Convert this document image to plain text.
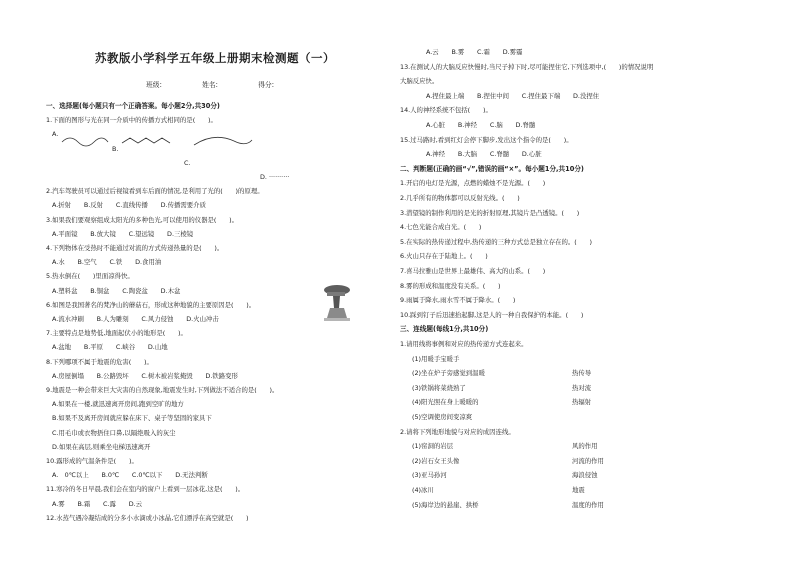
苏教版小学科学五年级上册期末检测题（一）
班级:	姓名:	得分:
一、选择题(每小题只有一个正确答案。每小题2分,共30分)
1.下面的图形与光在同一介质中的传播方式相同的是(　　)。
A.
B.
C.
D. ··········
2.汽车驾驶员可以通过后视镜看到车后面的情况,是利用了光的(　　)的原理。
A.折射　　B.反射　　C.直线传播　　D.传播需要介质
3.如果我们要观察组成太阳光的多种色光,可以使用的仪器是(　　)。
A.平面镜　　B.放大镜　　C.望远镜　　D.三棱镜
4.下列物体在受热时不能通过对流的方式传递热量的是(　　)。
A.水　　B.空气　　C.铁　　D.食用油
5.热水倒在(　　)里面凉得快。
A.塑料盆　　B.铜盆　　C.陶瓷盆　　D.木盆
6.如图是我国著名的梵净山的蘑菇石，形成这种地貌的主要原因是(　　)。
A.流水冲刷　　B.人为雕刻　　C.风力侵蚀　　D.火山冲击
7.主要特点是地势低,地面起伏小的地形是(　　)。
A.盆地　　B.平原　　C.峡谷　　D.山地
8.下列哪项不属于地震的危害(　　)。
A.房屋倒塌　　B.公路毁坏　　C.树木被岩浆掩毁　　D.铁路变形
9.地震是一种会带来巨大灾害的自然现象,地震发生时,下列做法不适合的是(　　)。
A.如果在一楼,就迅速离开房间,跑到空旷的地方
B.如果不及离开房间就应躲在床下、桌子等坚固的家具下
C.用毛巾或衣物捂住口鼻,以隔绝吸入的灰尘
D.如果在高层,则乘坐电梯迅速离开
10.露形成的气温条件是(　　)。
A.　0℃以上　　B.0℃　　C.0℃以下　　D.无法判断
11.寒冷的冬日早晨,我们会在室内的窗户上看到一层冰花,这是(　　)。
A.雾　　B.霜　　C.露　　D.云
12.水蒸气遇冷凝结成的分多小水滴或小冰晶,它们漂浮在高空就是(　　)
A.云　　B.雾　　C.霜　　D.雾霾
13.在测试人的大脑反应快慢时,当尺子掉下时,尽可能捏住它,下列选项中,(　　)的情况说明
大脑反应快。
A.捏住最上端　　B.捏住中间　　C.捏住最下端　　D.没捏住
14.人的神经系统不包括(　　)。
A.心脏　　B.神经　　C.脑　　D.脊髓
15.过马路时,看到红灯会停下脚步,发出这个指令的是(　　)。
A.神经　　B.大脑　　C.脊髓　　D.心脏
二、判断题(正确的画“√”,错误的画“×”。每小题1分,共10分)
1.开启的电灯是光源，点燃的蜡烛不是光源。(　　)
2.几乎所有的物体都可以反射光线。(　　)
3.潜望镜的制作利用的是光的折射原理,其镜片是凸透镜。(　　)
4.七色光能合成白光。(　　)
5.在实际的热传递过程中,热传递的三种方式总是独立存在的。(　　)
6.火山只存在于陆地上。(　　)
7.喜马拉雅山是世界上最雄伟、高大的山系。(　　)
8.雾的形成和温度没有关系。(　　)
9.雨属于降水,雨水雪不属于降水。(　　)
10.踩到钉子后迅速抬起脚,这是人的一种自我保护的本能。(　　)
三、连线题(每线1分,共10分)
1.请用线将事例和对应的热传递方式连起来。
(1)用暖手宝暖手
(2)坐在炉子旁感觉到温暖	热传导
(3)铁锅将菜烧熟了	热对流
(4)阳光照在身上暖暖的	热辐射
(5)空调使房间变凉爽
2.请将下列地形地貌与对应的成因连线。
(1)窑洞的岩层	风的作用
(2)岩石女王头像	河流的作用
(3)亚马孙河	海浪侵蚀
(4)冰川	地震
(5)海岸边的悬崖、拱桥	温度的作用
